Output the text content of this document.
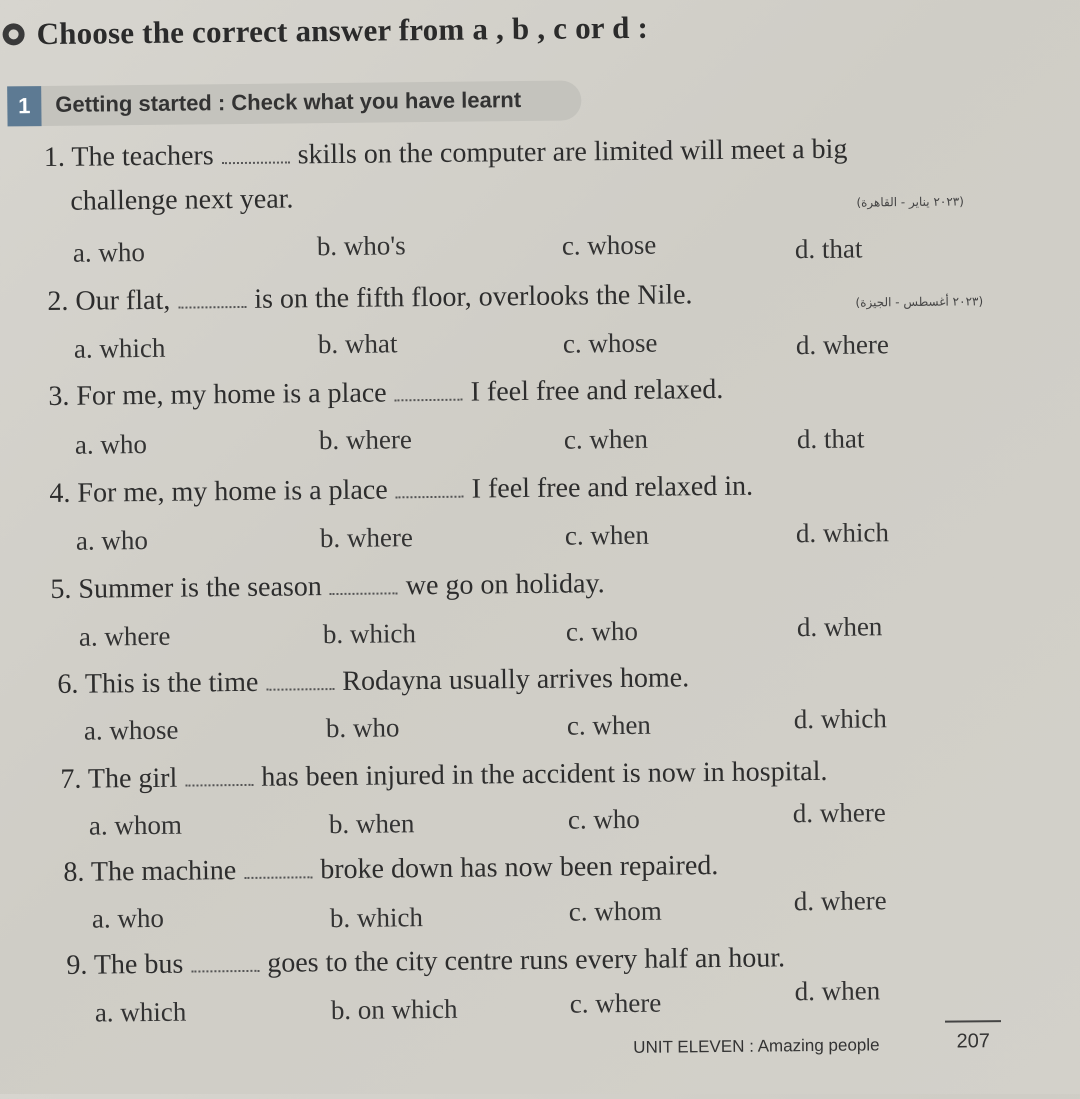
Choose the correct answer from a , b , c or d :
1	Getting started : Check what you have learnt
1. The teachers	skills on the computer are limited will meet a big
challenge next year.	(٢٠٢٣ يناير - القاهرة)
a. who	b. who's	c. whose	d. that
2. Our flat,	is on the fifth floor, overlooks the Nile.	(٢٠٢٣ أغسطس - الجيزة)
a. which	b. what	c. whose	d. where
3. For me, my home is a place	I feel free and relaxed.
a. who	b. where	c. when	d. that
4. For me, my home is a place	I feel free and relaxed in.
a. who	b. where	c. when	d. which
5. Summer is the season	we go on holiday.
a. where	b. which	c. who	d. when
6. This is the time	Rodayna usually arrives home.
a. whose	b. who	c. when	d. which
7. The girl	has been injured in the accident is now in hospital.
a. whom	b. when	c. who	d. where
8. The machine	broke down has now been repaired.
a. who	b. which	c. whom	d. where
9. The bus	goes to the city centre runs every half an hour.
a. which	b. on which	c. where	d. when
UNIT ELEVEN : Amazing people	207
